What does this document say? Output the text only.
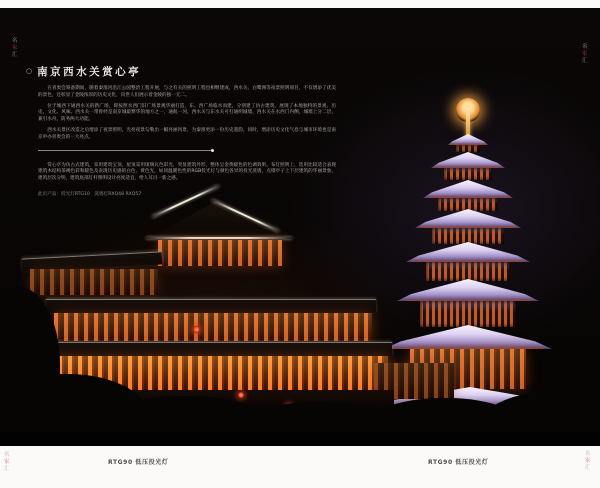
○ 南京西水关赏心亭

在青奥会筹备期间，随着秦淮河沿江公园整治工程开展，与之有关的照明工程也相继建成，西水关、白鹭洲等夜景照明项目，不仅增添了优美的景色，还彰显了金陵浓厚的历史文化，向世人们展示着金陵的独一无二。

位于城西下通西水关的新广场，即按照水西门旧广场景观华丽打造，东、西广场临水而建，分别建了仿古建筑，展现了本地独特的景观、历史、文化、风味。西水关一带曾经是南京城最繁华的地方之一，通航一河，西水关与东水关可打通明城墙，西水关在水西门内侧，城墙上分二层，兼引水舟、防务两大功能。

西水关景区改造之后增添了夜景照明，光亮夜景勾勒出一幅亮丽风景，为秦淮更添一份历史遗韵。同时，增添历史文化气息与城市环境也是南京申办青奥会的一大亮点。

赏心亭为仿古式建筑，采用建筑宝顶，屋顶采用琉璃瓦色彩光，突显建筑外形，整体呈金黄暖色的色调效果。布灯照明上，选用比较适合表现建筑木结构茶褐色彩和暖色及表现历史感的白色、黄色光，如同温暖色性的RGB投光灯与颜色各异的投光洗墙，点缀亭子上下层建筑的华丽景象，建筑层次分明，建筑底部灯杆照明设计亮度适宜，给人耳目一新之感。

此页产品：投光灯RTG10　洗墙灯RXQ48 RXQ57

名
家
汇
名
家
汇
RTG90 低压投光灯	RTG90 低压投光灯
名
家
汇
名
家
汇
